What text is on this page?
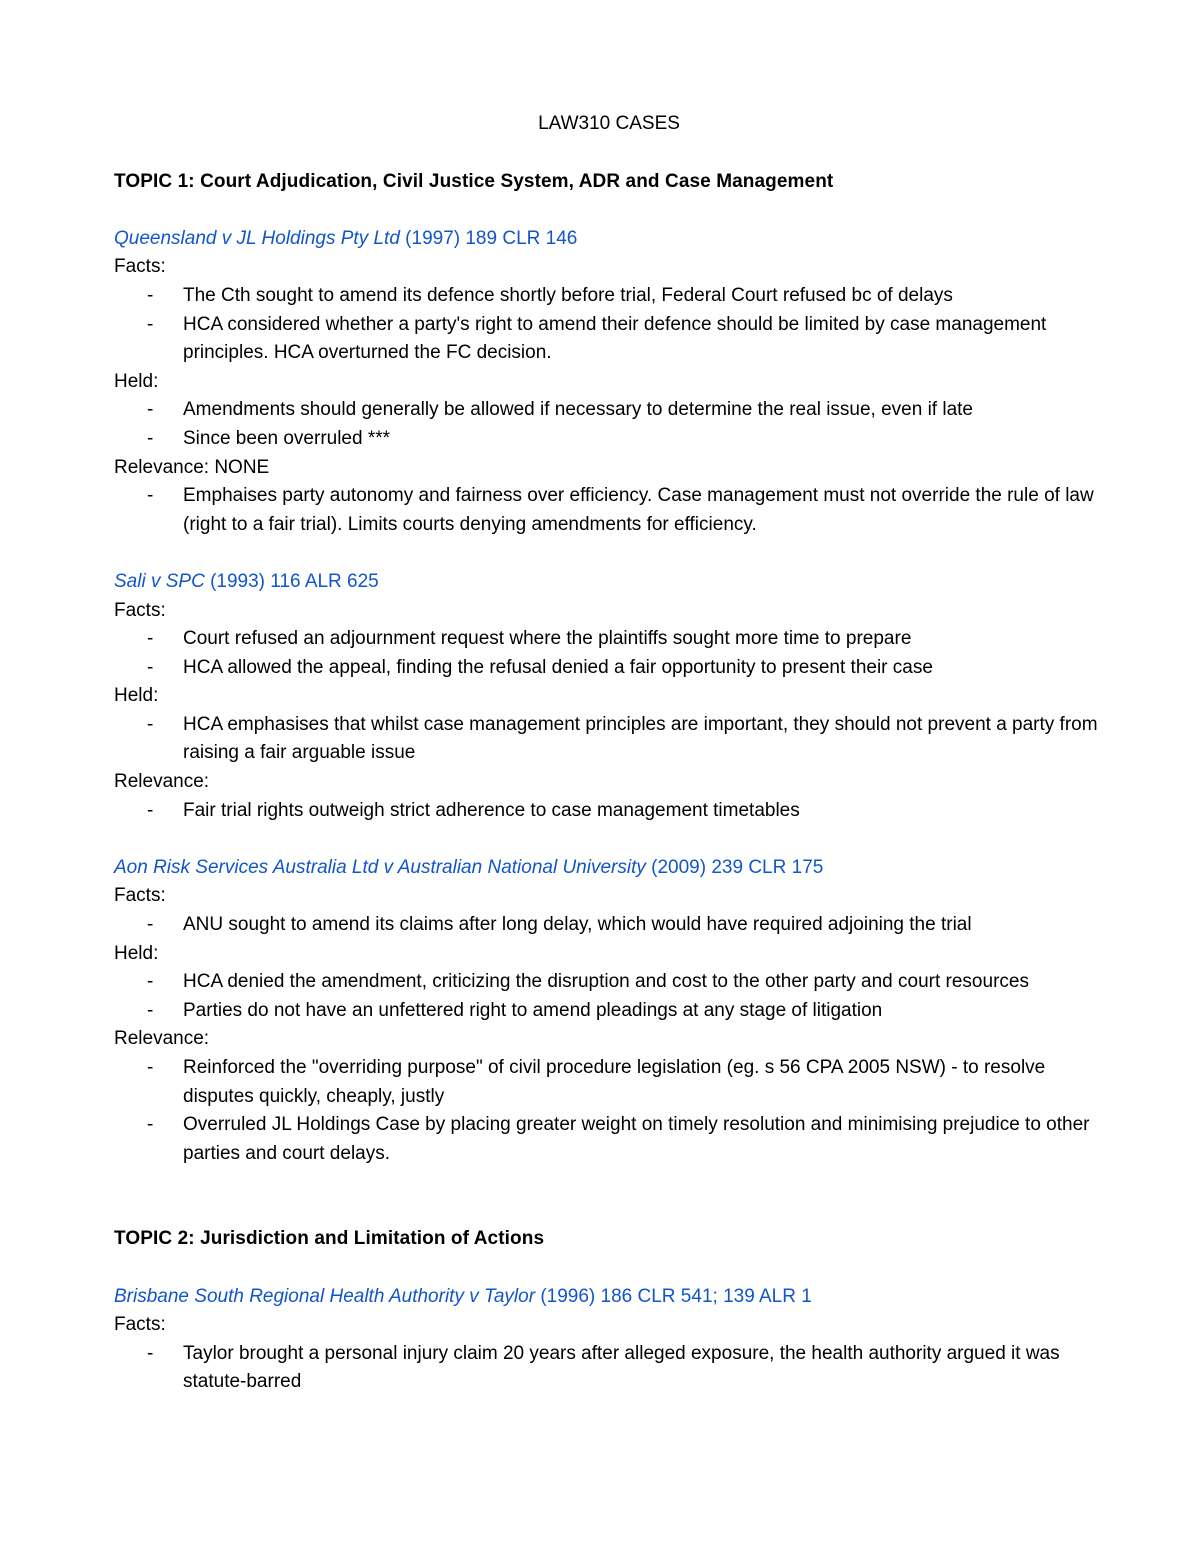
LAW310 CASES
TOPIC 1: Court Adjudication, Civil Justice System, ADR and Case Management
Queensland v JL Holdings Pty Ltd (1997) 189 CLR 146
Facts:
- The Cth sought to amend its defence shortly before trial, Federal Court refused bc of delays
- HCA considered whether a party's right to amend their defence should be limited by case management principles. HCA overturned the FC decision.
Held:
- Amendments should generally be allowed if necessary to determine the real issue, even if late
- Since been overruled ***
Relevance: NONE
- Emphaises party autonomy and fairness over efficiency. Case management must not override the rule of law (right to a fair trial). Limits courts denying amendments for efficiency.
Sali v SPC (1993) 116 ALR 625
Facts:
- Court refused an adjournment request where the plaintiffs sought more time to prepare
- HCA allowed the appeal, finding the refusal denied a fair opportunity to present their case
Held:
- HCA emphasises that whilst case management principles are important, they should not prevent a party from raising a fair arguable issue
Relevance:
- Fair trial rights outweigh strict adherence to case management timetables
Aon Risk Services Australia Ltd v Australian National University (2009) 239 CLR 175
Facts:
- ANU sought to amend its claims after long delay, which would have required adjoining the trial
Held:
- HCA denied the amendment, criticizing the disruption and cost to the other party and court resources
- Parties do not have an unfettered right to amend pleadings at any stage of litigation
Relevance:
- Reinforced the "overriding purpose" of civil procedure legislation (eg. s 56 CPA 2005 NSW) - to resolve disputes quickly, cheaply, justly
- Overruled JL Holdings Case by placing greater weight on timely resolution and minimising prejudice to other parties and court delays.
TOPIC 2: Jurisdiction and Limitation of Actions
Brisbane South Regional Health Authority v Taylor (1996) 186 CLR 541; 139 ALR 1
Facts:
- Taylor brought a personal injury claim 20 years after alleged exposure, the health authority argued it was statute-barred
